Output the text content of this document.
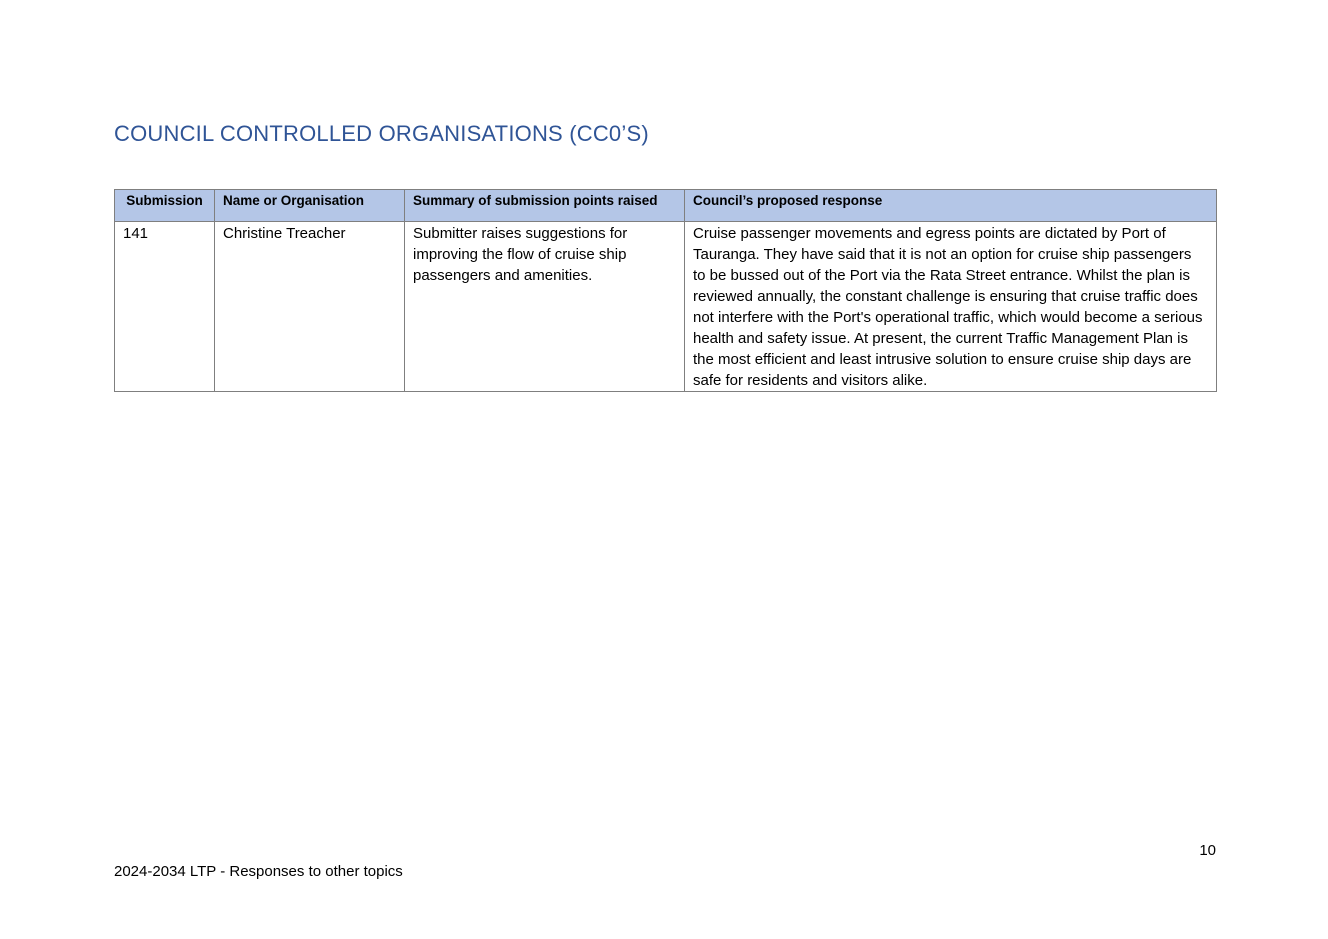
COUNCIL CONTROLLED ORGANISATIONS (CC0’S)
Submission	Name or Organisation	Summary of submission points raised	Council’s proposed response
141	Christine Treacher	Submitter raises suggestions for improving the flow of cruise ship passengers and amenities.	Cruise passenger movements and egress points are dictated by Port of Tauranga. They have said that it is not an option for cruise ship passengers to be bussed out of the Port via the Rata Street entrance. Whilst the plan is reviewed annually, the constant challenge is ensuring that cruise traffic does not interfere with the Port's operational traffic, which would become a serious health and safety issue. At present, the current Traffic Management Plan is the most efficient and least intrusive solution to ensure cruise ship days are safe for residents and visitors alike.
10
2024-2034 LTP - Responses to other topics
